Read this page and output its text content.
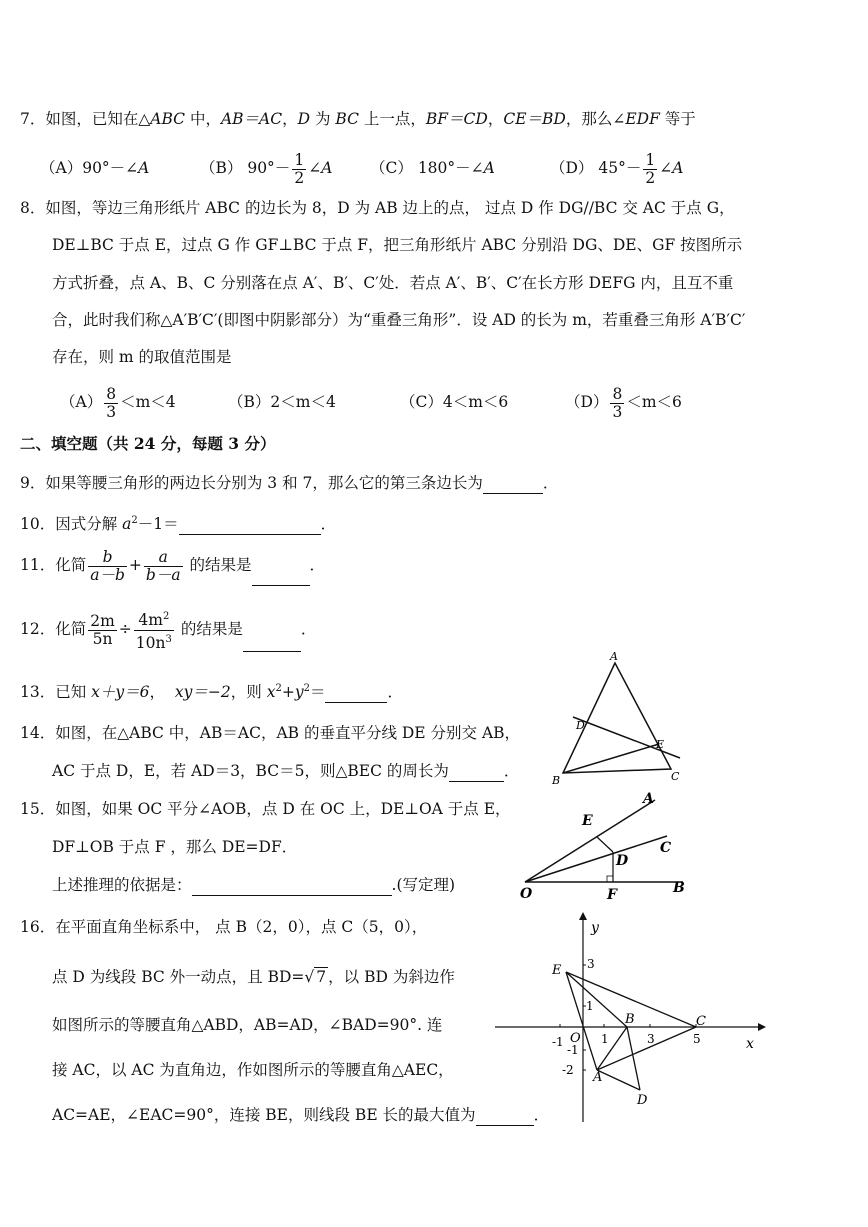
7．如图，已知在△ABC 中，AB＝AC，D 为 BC 上一点，BF＝CD，CE＝BD，那么∠EDF 等于
（A）90°－∠A	（B） $90^\circ- \frac{1}{2}$ ∠A （C） 180°－∠A	（D） $45^\circ- \frac{1}{2}$ ∠A
8．如图，等边三角形纸片 ABC 的边长为 8，D 为 AB 边上的点， 过点 D 作 DG//BC 交 AC 于点 G，
DE⊥BC 于点 E，过点 G 作 GF⊥BC 于点 F，把三角形纸片 ABC 分别沿 DG、DE、GF 按图所示
方式折叠，点 A、B、C 分别落在点 A′、B′、C′处．若点 A′、B′、C′在长方形 DEFG 内，且互不重
合，此时我们称△A′B′C′(即图中阴影部分）为“重叠三角形”．设 AD 的长为 m，若重叠三角形 A′B′C′
存在，则 m 的取值范围是
$(A) \frac{8}{3} <m<4$	（B）2＜m＜4	（C）4＜m＜6	$(D) \frac{8}{3} <m<6$
二、填空题（共 24 分，每题 3 分）
9．如果等腰三角形的两边长分别为 3 和 7，那么它的第三条边长为	．
10．因式分解 $a^2-1=$	．
11．化简 $\frac{b}{a-b} + \frac{a}{b-a}$ 的结果是	．
12．化简 $\frac{2m}{5n} \div \frac{4m^2}{10n^3}$ 的结果是	．
13．已知 x＋y＝6， xy＝−2，则 $x^2+y^2=$	．
14．如图，在△ABC 中，AB＝AC，AB 的垂直平分线 DE 分别交 AB，
AC 于点 D，E，若 AD＝3，BC＝5，则△BEC 的周长为	．
A
D
E
B	C
15．如图，如果 OC 平分∠AOB，点 D 在 OC 上，DE⊥OA 于点 E，
DF⊥OB 于点 F ，那么 DE=DF．
上述推理的依据是：	.(写定理)
A
E
C
D
O	F	B
16．在平面直角坐标系中， 点 B（2，0），点 C（5，0），
点 D 为线段 BC 外一动点，且 BD=√ 7 ，以 BD 为斜边作
如图所示的等腰直角△ABD，AB=AD，∠BAD=90°. 连
接 AC，以 AC 为直角边，作如图所示的等腰直角△AEC，
AC=AE，∠EAC=90°，连接 BE，则线段 BE 长的最大值为	．
y
x
E
B	C
A
D
O
3
1
-1
-1
-2
1	3	5
